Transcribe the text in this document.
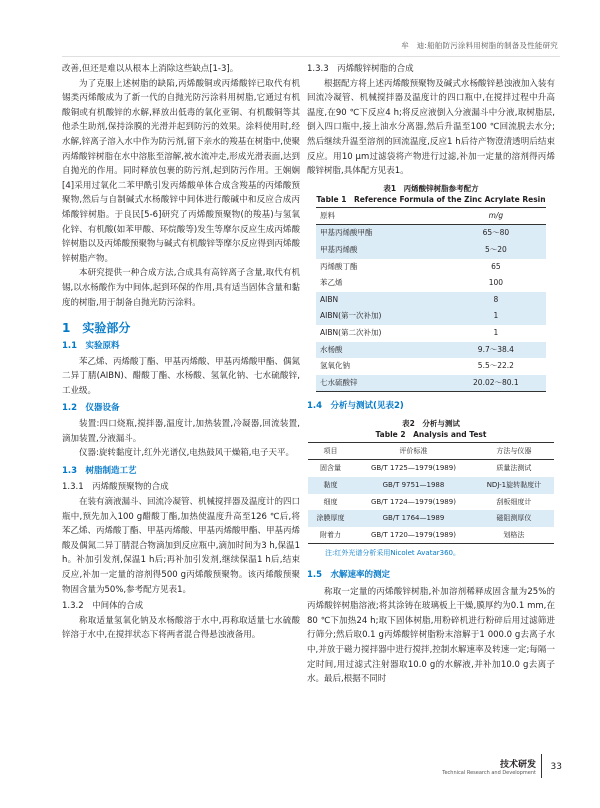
牟　迪:船舶防污涂料用树脂的制备及性能研究

改善,但还是难以从根本上消除这些缺点[1-3]。

为了克服上述树脂的缺陷,丙烯酸铜或丙烯酸锌已取代有机锡类丙烯酸成为了新一代的自抛光防污涂料用树脂,它通过有机酸铜或有机酸锌的水解,释放出低毒的氧化亚铜、有机酸铜等其他杀生助剂,保持涂膜的光滑并起到防污的效果。涂料使用时,经水解,锌离子溶入水中作为防污剂,留下亲水的羧基在树脂中,使聚丙烯酸锌树脂在水中溶胀至溶解,被水流冲走,形成光滑表面,达到自抛光的作用。同时释放包裹的防污剂,起到防污作用。王娴娴[4]采用过氧化二苯甲酰引发丙烯酸单体合成含羧基的丙烯酸预聚物,然后与自制碱式水杨酸锌中间体进行酸碱中和反应合成丙烯酸锌树脂。于良民[5-6]研究了丙烯酸预聚物(的羧基)与氢氧化锌、有机酸(如苯甲酸、环烷酸等)发生等摩尔反应生成丙烯酸锌树脂以及丙烯酸预聚物与碱式有机酸锌等摩尔反应得到丙烯酸锌树脂产物。

本研究提供一种合成方法,合成具有高锌离子含量,取代有机锡,以水杨酸作为中间体,起到环保的作用,具有适当固体含量和黏度的树脂,用于制备自抛光防污涂料。

1　实验部分
1.1　实验原料

苯乙烯、丙烯酸丁酯、甲基丙烯酸、甲基丙烯酸甲酯、偶氮二异丁腈(AIBN)、醋酸丁酯、水杨酸、氢氧化钠、七水硫酸锌,工业级。

1.2　仪器设备

装置:四口烧瓶,搅拌器,温度计,加热装置,冷凝器,回流装置,滴加装置,分液漏斗。

仪器:旋转黏度计,红外光谱仪,电热鼓风干燥箱,电子天平。

1.3　树脂制造工艺
1.3.1　丙烯酸预聚物的合成

在装有滴液漏斗、回流冷凝管、机械搅拌器及温度计的四口瓶中,预先加入100 g醋酸丁酯,加热使温度升高至126 ℃后,将苯乙烯、丙烯酸丁酯、甲基丙烯酸、甲基丙烯酸甲酯、甲基丙烯酸及偶氮二异丁腈混合物滴加到反应瓶中,滴加时间为3 h,保温1 h。补加引发剂,保温1 h后;再补加引发剂,继续保温1 h后,结束反应,补加一定量的溶剂得500 g丙烯酸预聚物。该丙烯酸预聚物固含量为50%,参考配方见表1。

1.3.2　中间体的合成

称取适量氢氧化钠及水杨酸溶于水中,再称取适量七水硫酸锌溶于水中,在搅拌状态下将两者混合得悬浊液备用。

1.3.3　丙烯酸锌树脂的合成

根据配方将上述丙烯酸预聚物及碱式水杨酸锌悬浊液加入装有回流冷凝管、机械搅拌器及温度计的四口瓶中,在搅拌过程中升高温度,在90 ℃下反应4 h;将反应液倒入分液漏斗中分液,取树脂层,倒入四口瓶中,接上油水分离器,然后升温至100 ℃回流脱去水分;然后继续升温至溶剂的回流温度,反应1 h后待产物澄清透明后结束反应。用10 μm过滤袋将产物进行过滤,补加一定量的溶剂得丙烯酸锌树脂,具体配方见表1。

表1　丙烯酸锌树脂参考配方
Table 1　Reference Formula of the Zinc Acrylate Resin
原料	m/g
甲基丙烯酸甲酯	65～80
甲基丙烯酸	5～20
丙烯酸丁酯	65
苯乙烯	100
AIBN	8
AIBN(第一次补加)	1
AIBN(第二次补加)	1
水杨酸	9.7～38.4
氢氧化钠	5.5～22.2
七水硫酸锌	20.02～80.1
1.4　分析与测试(见表2)
表2　分析与测试
Table 2　Analysis and Test
项目	评价标准	方法与仪器
固含量	GB/T 1725—1979(1989)	质量法测试
黏度	GB/T 9751—1988	NDJ-1旋转黏度计
细度	GB/T 1724—1979(1989)	刮板细度计
涂膜厚度	GB/T 1764—1989	磁阻测厚仪
附着力	GB/T 1720—1979(1989)	划格法
注:红外光谱分析采用Nicolet Avatar360。
1.5　水解速率的测定

称取一定量的丙烯酸锌树脂,补加溶剂稀释成固含量为25%的丙烯酸锌树脂溶液;将其涂铸在玻璃板上干燥,膜厚约为0.1 mm,在80 ℃下加热24 h;取下固体树脂,用粉碎机进行粉碎后用过滤筛进行筛分;然后取0.1 g丙烯酸锌树脂粉末溶解于1 000.0 g去离子水中,并放于磁力搅拌器中进行搅拌,控制水解速率及转速一定;每隔一定时间,用过滤式注射器取10.0 g的水解液,并补加10.0 g去离子水。最后,根据不同时

技术研发
Technical Research and Development
33
